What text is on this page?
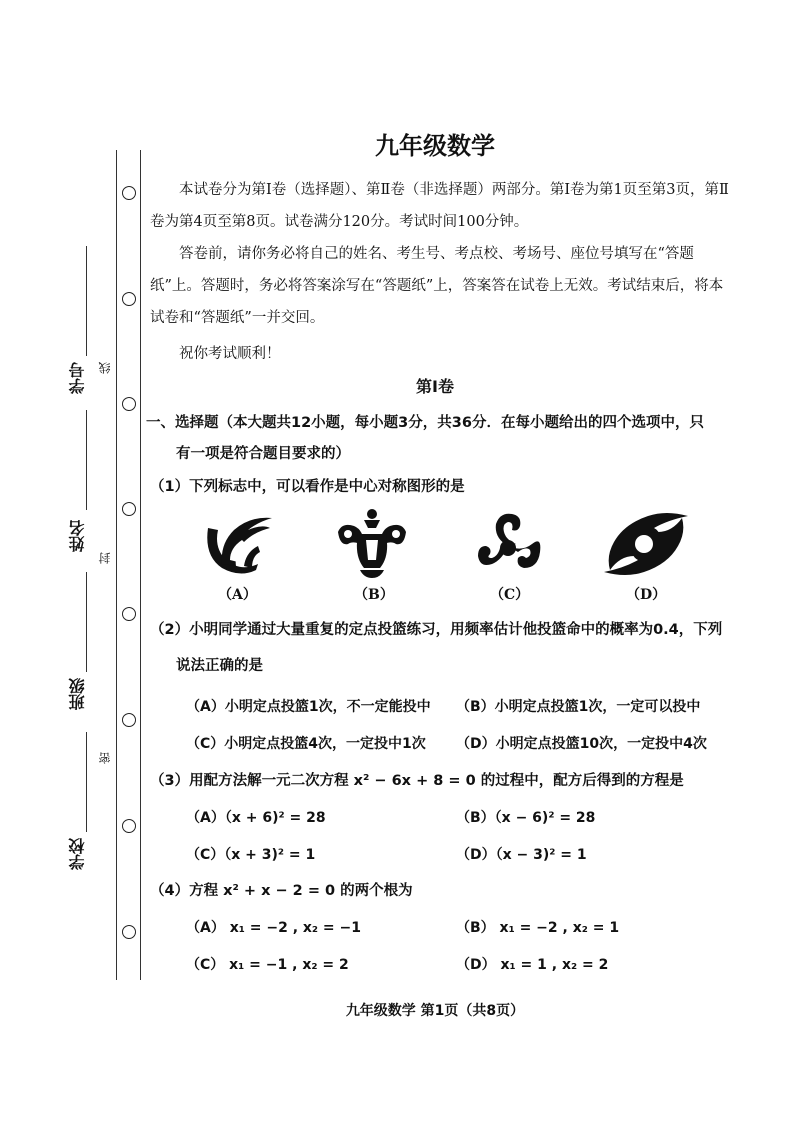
学号
姓名
班级
学校
线
封
密
九年级数学
本试卷分为第Ⅰ卷（选择题）、第Ⅱ卷（非选择题）两部分。第Ⅰ卷为第1页至第3页，第Ⅱ卷为第4页至第8页。试卷满分120分。考试时间100分钟。
答卷前，请你务必将自己的姓名、考生号、考点校、考场号、座位号填写在“答题纸”上。答题时，务必将答案涂写在“答题纸”上，答案答在试卷上无效。考试结束后，将本试卷和“答题纸”一并交回。
祝你考试顺利！
第Ⅰ卷
一、选择题（本大题共12小题，每小题3分，共36分．在每小题给出的四个选项中，只
有一项是符合题目要求的）
（1）下列标志中，可以看作是中心对称图形的是
（A）	（B）	（C）	（D）
（2）小明同学通过大量重复的定点投篮练习，用频率估计他投篮命中的概率为0.4，下列
说法正确的是
（A）小明定点投篮1次，不一定能投中 （B）小明定点投篮1次，一定可以投中
（C）小明定点投篮4次，一定投中1次 （D）小明定点投篮10次，一定投中4次
（3）用配方法解一元二次方程 x² − 6x + 8 = 0 的过程中，配方后得到的方程是
（A）（x + 6)² = 28	（B）（x − 6)² = 28
（C）（x + 3)² = 1	（D）（x − 3)² = 1
（4）方程 x² + x − 2 = 0 的两个根为
（A） x₁ = −2 , x₂ = −1	（B） x₁ = −2 , x₂ = 1
（C） x₁ = −1 , x₂ = 2	（D） x₁ = 1 , x₂ = 2
九年级数学 第1页（共8页）
